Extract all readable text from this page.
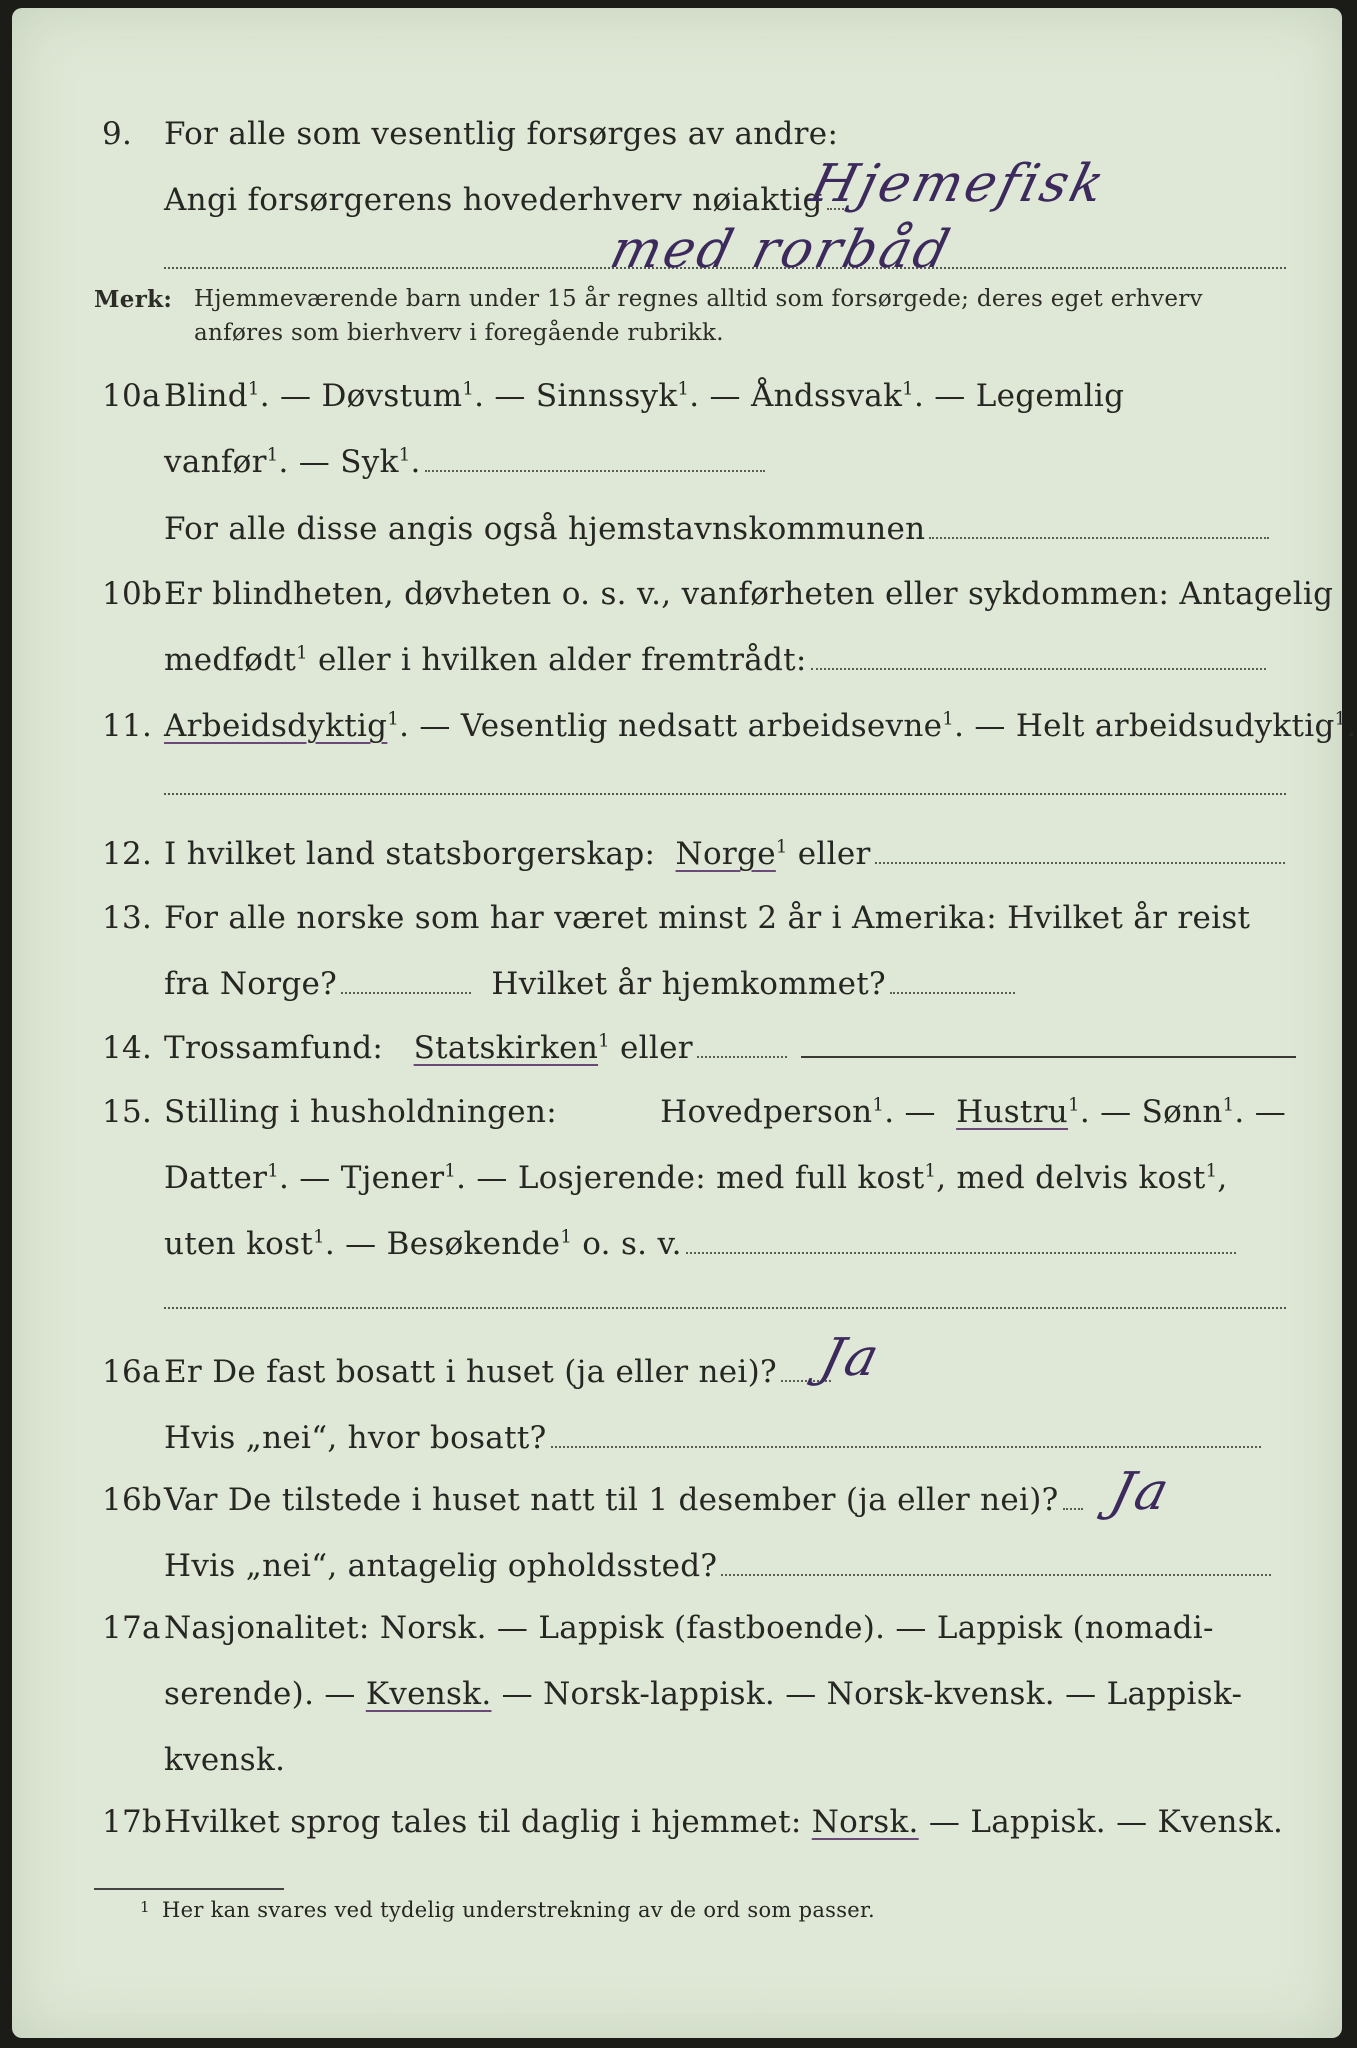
9. For alle som vesentlig forsørges av andre:
Angi forsørgerens hovederhverv nøiaktig
Hjemefisk
med rorbåd
Merk: Hjemmeværende barn under 15 år regnes alltid som forsørgede; deres eget erhverv
anføres som bierhverv i foregående rubrikk.
10a Blind$^1$. — Døvstum$^1$. — Sinnssyk$^1$. — Åndssvak$^1$. — Legemlig
vanfør$^1$. — Syk$^1$.
For alle disse angis også hjemstavnskommunen
10b Er blindheten, døvheten o. s. v., vanførheten eller sykdommen: Antagelig
medfødt$^1$ eller i hvilken alder fremtrådt:
11. Arbeidsdyktig$^1$. — Vesentlig nedsatt arbeidsevne$^1$. — Helt arbeidsudyktig$^1$.
12. I hvilket land statsborgerskap: Norge$^1$ eller
13. For alle norske som har været minst 2 år i Amerika: Hvilket år reist
fra Norge?	Hvilket år hjemkommet?
14. Trossamfund: Statskirken$^1$ eller
15. Stilling i husholdningen:	Hovedperson$^1$. — Hustru$^1$. — Sønn$^1$. —
Datter$^1$. — Tjener$^1$. — Losjerende: med full kost$^1$, med delvis kost$^1$,
uten kost$^1$. — Besøkende$^1$ o. s. v.
16a Er De fast bosatt i huset (ja eller nei)? Ja
Hvis „nei“, hvor bosatt?
16b Var De tilstede i huset natt til 1 desember (ja eller nei)? Ja
Hvis „nei“, antagelig opholdssted?
17a Nasjonalitet: Norsk. — Lappisk (fastboende). — Lappisk (nomadi-
serende). — Kvensk. — Norsk-lappisk. — Norsk-kvensk. — Lappisk-
kvensk.
17b Hvilket sprog tales til daglig i hjemmet: Norsk. — Lappisk. — Kvensk.
1 Her kan svares ved tydelig understrekning av de ord som passer.
